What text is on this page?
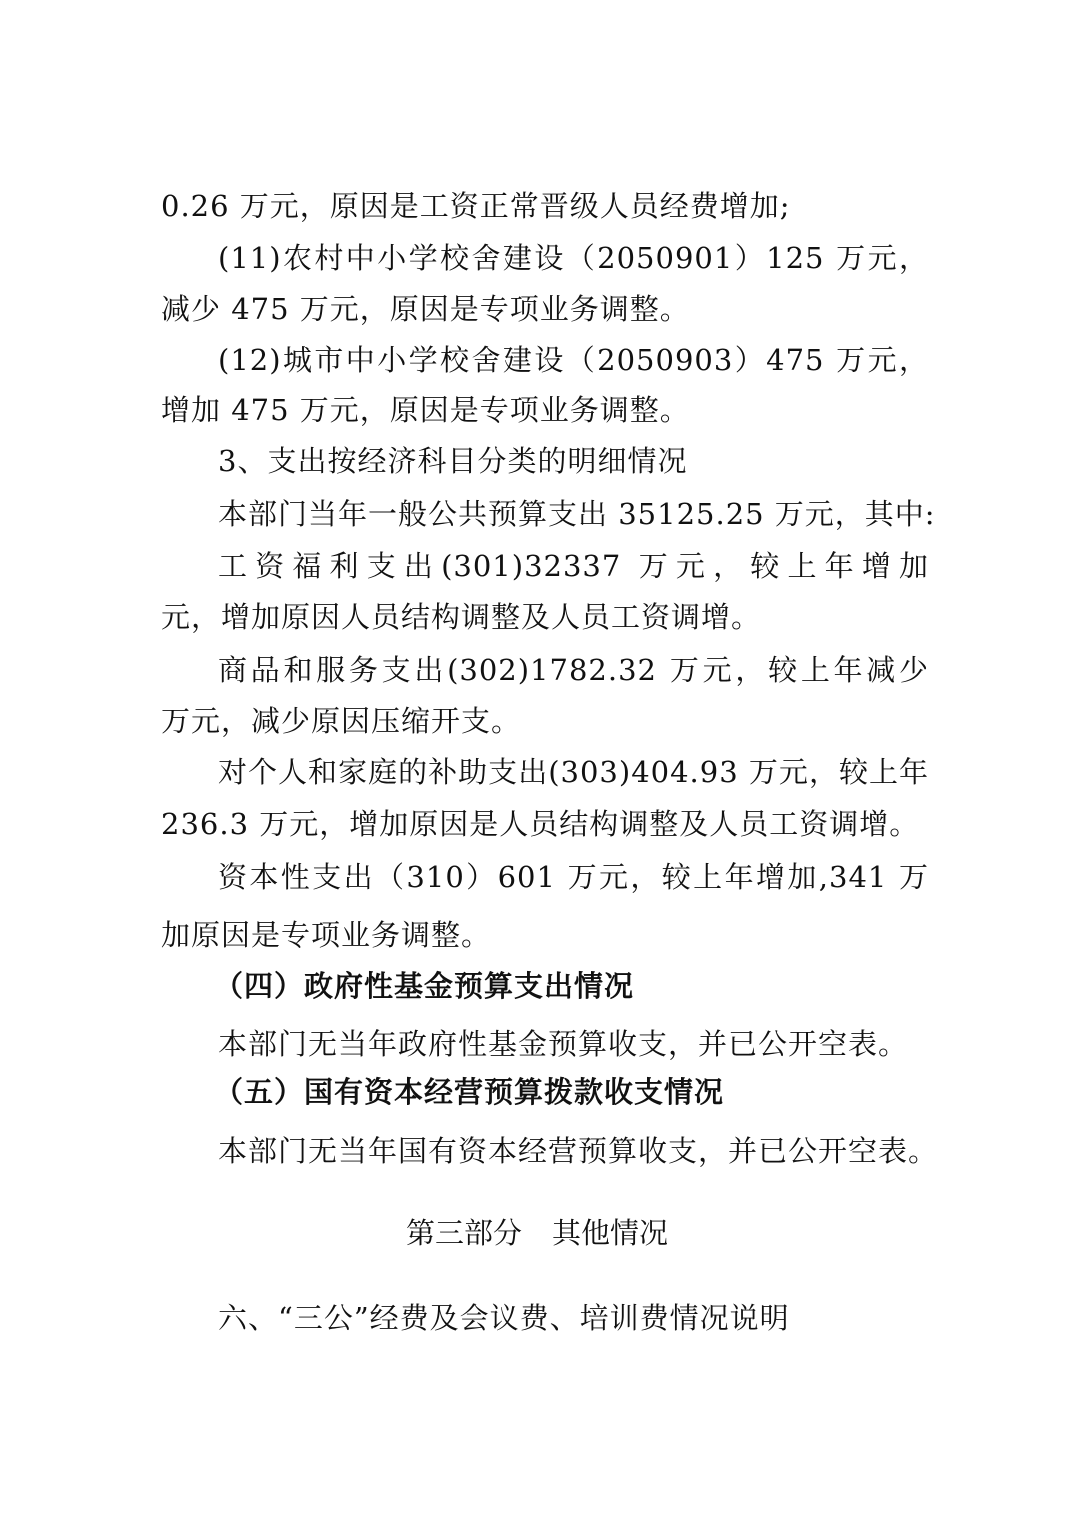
0.26 万元，原因是工资正常晋级人员经费增加;
(11)农村中小学校舍建设（2050901）125 万元，
减少 475 万元，原因是专项业务调整。
(12)城市中小学校舍建设（2050903）475 万元，
增加 475 万元，原因是专项业务调整。
3、支出按经济科目分类的明细情况
本部门当年一般公共预算支出 35125.25 万元，其中:
工资福利支出(301)32337 万元，较上年增加
元，增加原因人员结构调整及人员工资调增。
商品和服务支出(302)1782.32 万元，较上年减少
万元，减少原因压缩开支。
对个人和家庭的补助支出(303)404.93 万元，较上年
236.3 万元，增加原因是人员结构调整及人员工资调增。
资本性支出（310）601 万元，较上年增加,341 万
加原因是专项业务调整。
（四）政府性基金预算支出情况
本部门无当年政府性基金预算收支，并已公开空表。
（五）国有资本经营预算拨款收支情况
本部门无当年国有资本经营预算收支，并已公开空表。
第三部分 其他情况
六、“三公”经费及会议费、培训费情况说明
